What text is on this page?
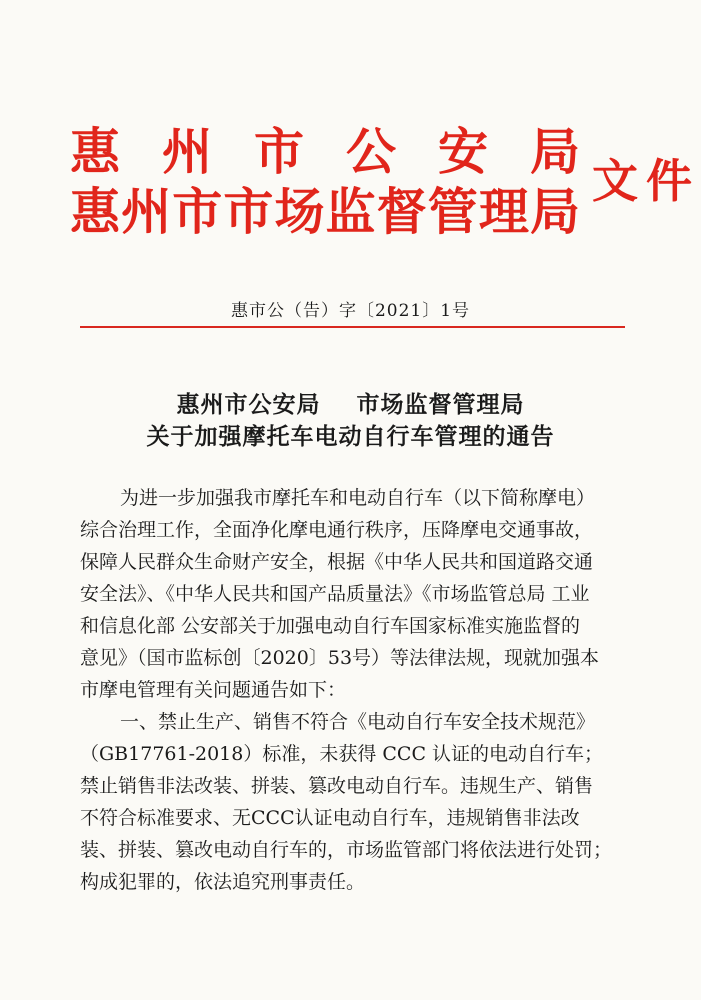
惠 州 市 公 安 局
惠 州 市 市 场 监 督 管 理 局
文件
惠市公（告）字〔2021〕1号
惠州市公安局    市场监督管理局
关于加强摩托车电动自行车管理的通告
为进一步加强我市摩托车和电动自行车（以下简称摩电）
综合治理工作，全面净化摩电通行秩序，压降摩电交通事故，
保障人民群众生命财产安全，根据《中华人民共和国道路交通
安全法》、《中华人民共和国产品质量法》《市场监管总局 工业
和信息化部 公安部关于加强电动自行车国家标准实施监督的
意见》（国市监标创〔2020〕53号）等法律法规，现就加强本
市摩电管理有关问题通告如下：
一、禁止生产、销售不符合《电动自行车安全技术规范》
（GB17761-2018）标准，未获得 CCC 认证的电动自行车；
禁止销售非法改装、拼装、篡改电动自行车。违规生产、销售
不符合标准要求、无CCC认证电动自行车，违规销售非法改
装、拼装、篡改电动自行车的，市场监管部门将依法进行处罚；
构成犯罪的，依法追究刑事责任。
